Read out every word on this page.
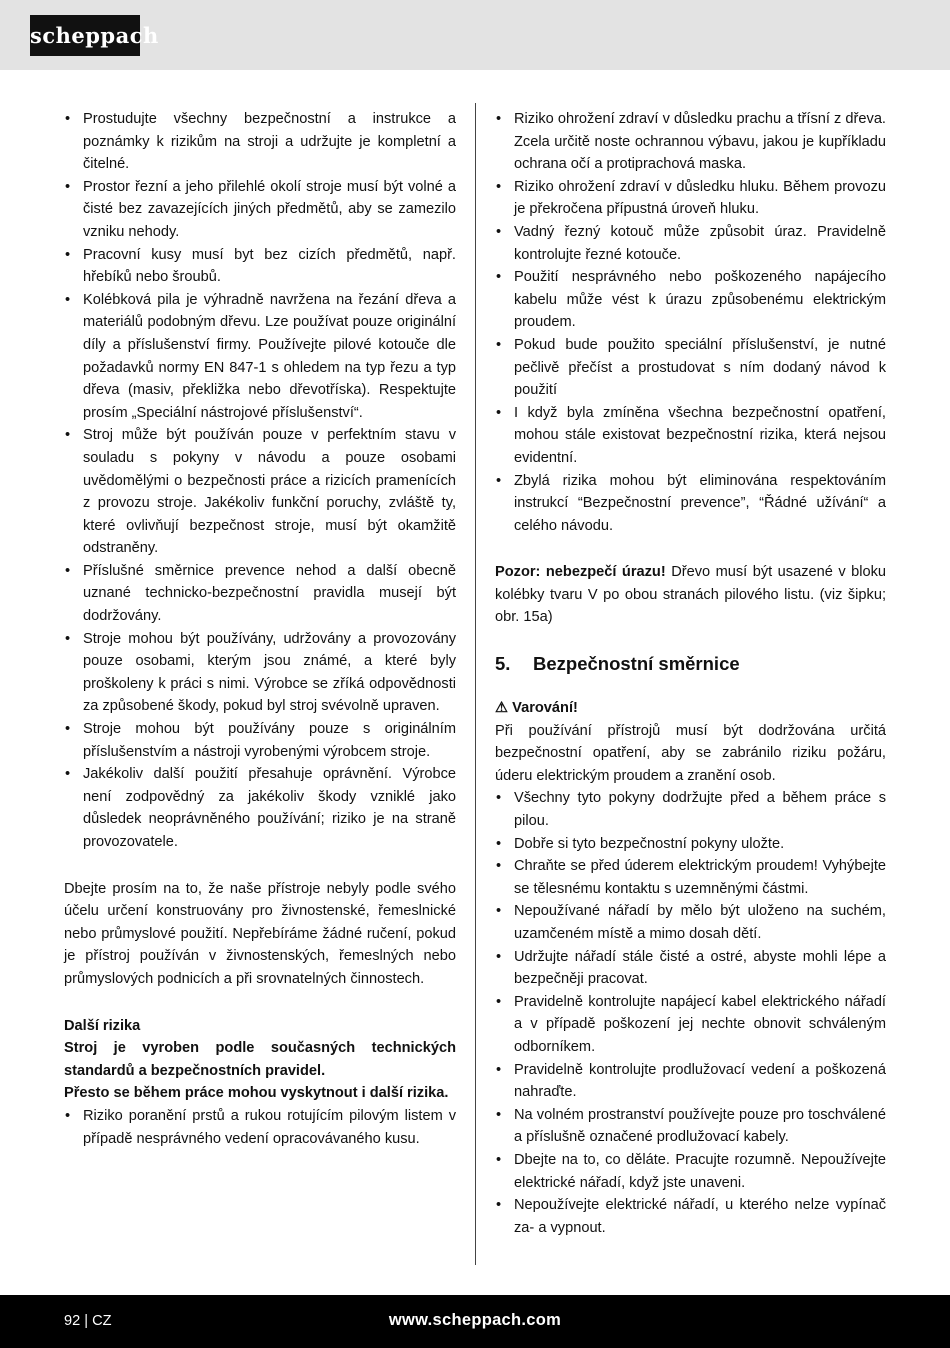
scheppach
• Prostudujte všechny bezpečnostní a instrukce a poznámky k rizikům na stroji a udržujte je kompletní a čitelné.
• Prostor řezní a jeho přilehlé okolí stroje musí být volné a čisté bez zavazejících jiných předmětů, aby se zamezilo vzniku nehody.
• Pracovní kusy musí byt bez cizích předmětů, např. hřebíků nebo šroubů.
• Kolébková pila je výhradně navržena na řezání dřeva a materiálů podobným dřevu. Lze používat pouze originální díly a příslušenství firmy. Používejte pilové kotouče dle požadavků normy EN 847-1 s ohledem na typ řezu a typ dřeva (masiv, překližka nebo dřevotříska). Respektujte prosím „Speciální nástrojové příslušenství“.
• Stroj může být používán pouze v perfektním stavu v souladu s pokyny v návodu a pouze osobami uvědomělými o bezpečnosti práce a rizicích pramenících z provozu stroje. Jakékoliv funkční poruchy, zvláště ty, které ovlivňují bezpečnost stroje, musí být okamžitě odstraněny.
• Příslušné směrnice prevence nehod a další obecně uznané technicko-bezpečnostní pravidla musejí být dodržovány.
• Stroje mohou být používány, udržovány a provozovány pouze osobami, kterým jsou známé, a které byly proškoleny k práci s nimi. Výrobce se zříká odpovědnosti za způsobené škody, pokud byl stroj svévolně upraven.
• Stroje mohou být používány pouze s originálním příslušenstvím a nástroji vyrobenými výrobcem stroje.
• Jakékoliv další použití přesahuje oprávnění. Výrobce není zodpovědný za jakékoliv škody vzniklé jako důsledek neoprávněného používání; riziko je na straně provozovatele.

Dbejte prosím na to, že naše přístroje nebyly podle svého účelu určení konstruovány pro živnostenské, řemeslnické nebo průmyslové použití. Nepřebíráme žádné ručení, pokud je přístroj používán v živnostenských, řemeslných nebo průmyslových podnicích a při srovnatelných činnostech.

Další rizika

Stroj je vyroben podle současných technických standardů a bezpečnostních pravidel.

Přesto se během práce mohou vyskytnout i další rizika.

• Riziko poranění prstů a rukou rotujícím pilovým listem v případě nesprávného vedení opracovávaného kusu.
• Riziko ohrožení zdraví v důsledku prachu a třísní z dřeva. Zcela určitě noste ochrannou výbavu, jakou je kupříkladu ochrana očí a protiprachová maska.
• Riziko ohrožení zdraví v důsledku hluku. Během provozu je překročena přípustná úroveň hluku.
• Vadný řezný kotouč může způsobit úraz. Pravidelně kontrolujte řezné kotouče.
• Použití nesprávného nebo poškozeného napájecího kabelu může vést k úrazu způsobenému elektrickým proudem.
• Pokud bude použito speciální příslušenství, je nutné pečlivě přečíst a prostudovat s ním dodaný návod k použití
• I když byla zmíněna všechna bezpečnostní opatření, mohou stále existovat bezpečnostní rizika, která nejsou evidentní.
• Zbylá rizika mohou být eliminována respektováním instrukcí “Bezpečnostní prevence”, “Řádné užívání“ a celého návodu.

Pozor: nebezpečí úrazu! Dřevo musí být usazené v bloku kolébky tvaru V po obou stranách pilového listu. (viz šipku; obr. 15a)

5. Bezpečnostní směrnice

⚠ Varování!

Při používání přístrojů musí být dodržována určitá bezpečnostní opatření, aby se zabránilo riziku požáru, úderu elektrickým proudem a zranění osob.

• Všechny tyto pokyny dodržujte před a během práce s pilou.
• Dobře si tyto bezpečnostní pokyny uložte.
• Chraňte se před úderem elektrickým proudem! Vyhýbejte se tělesnému kontaktu s uzemněnými částmi.
• Nepoužívané nářadí by mělo být uloženo na suchém, uzamčeném místě a mimo dosah dětí.
• Udržujte nářadí stále čisté a ostré, abyste mohli lépe a bezpečněji pracovat.
• Pravidelně kontrolujte napájecí kabel elektrického nářadí a v případě poškození jej nechte obnovit schváleným odborníkem.
• Pravidelně kontrolujte prodlužovací vedení a poškozená nahraďte.
• Na volném prostranství používejte pouze pro toschválené a příslušně označené prodlužovací kabely.
• Dbejte na to, co děláte. Pracujte rozumně. Nepoužívejte elektrické nářadí, když jste unaveni.
• Nepoužívejte elektrické nářadí, u kterého nelze vypínač za- a vypnout.
92 | CZ	www.scheppach.com
